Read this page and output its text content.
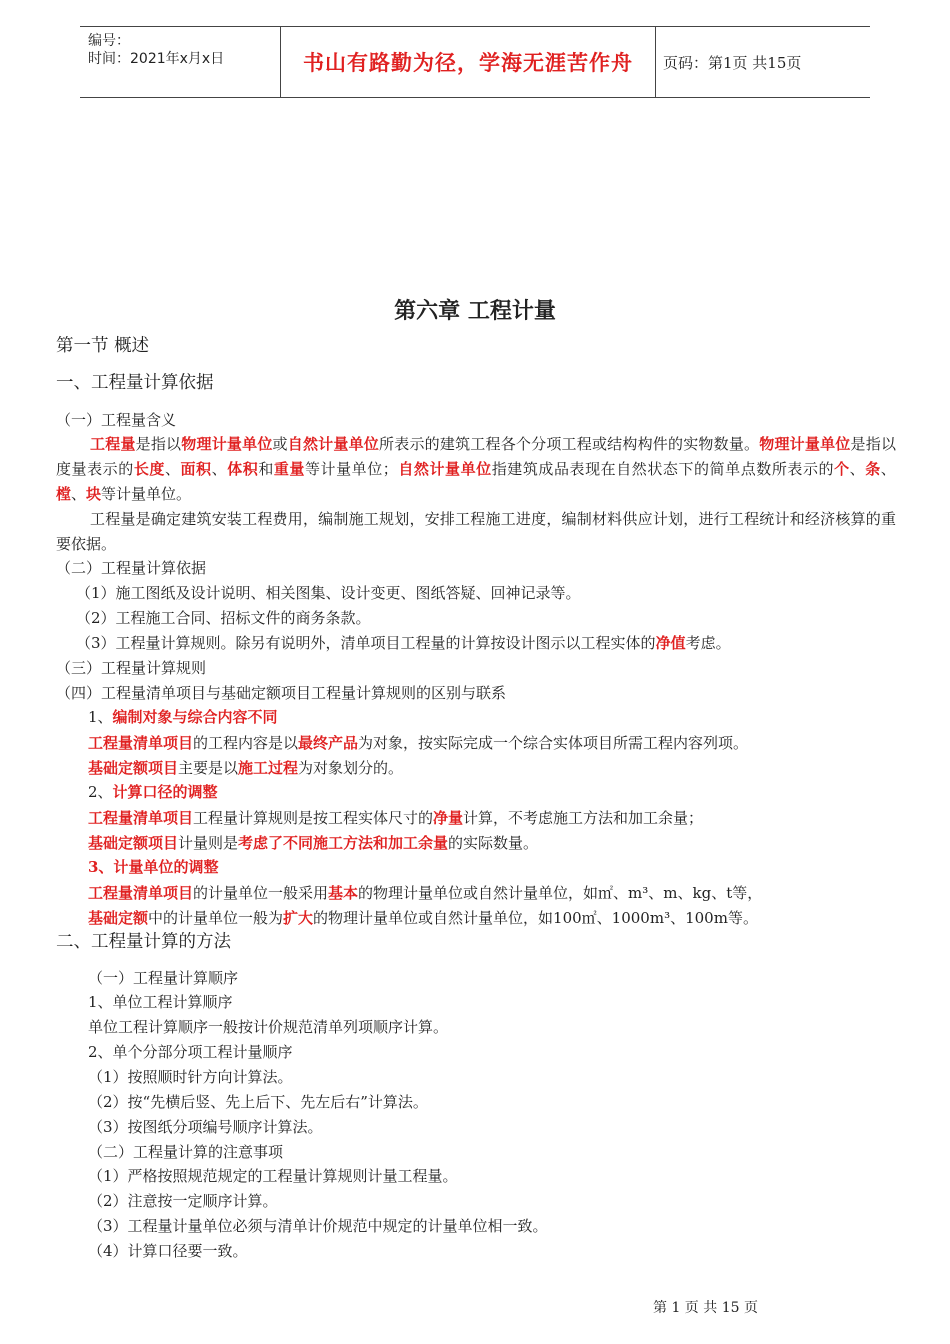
编号：
时间：2021年x月x日	书山有路勤为径，学海无涯苦作舟	页码：第1页 共15页
第六章 工程计量
第一节 概述
一、工程量计算依据
（一）工程量含义
工程量是指以物理计量单位或自然计量单位所表示的建筑工程各个分项工程或结构构件的实物数量。物理计量单位是指以度量表示的长度、面积、体积和重量等计量单位；自然计量单位指建筑成品表现在自然状态下的简单点数所表示的个、条、樘、块等计量单位。
工程量是确定建筑安装工程费用，编制施工规划，安排工程施工进度，编制材料供应计划，进行工程统计和经济核算的重要依据。
（二）工程量计算依据
（1）施工图纸及设计说明、相关图集、设计变更、图纸答疑、回神记录等。
（2）工程施工合同、招标文件的商务条款。
（3）工程量计算规则。除另有说明外，清单项目工程量的计算按设计图示以工程实体的净值考虑。
（三）工程量计算规则
（四）工程量清单项目与基础定额项目工程量计算规则的区别与联系
1、编制对象与综合内容不同
工程量清单项目的工程内容是以最终产品为对象，按实际完成一个综合实体项目所需工程内容列项。
基础定额项目主要是以施工过程为对象划分的。
2、计算口径的调整
工程量清单项目工程量计算规则是按工程实体尺寸的净量计算，不考虑施工方法和加工余量；
基础定额项目计量则是考虑了不同施工方法和加工余量的实际数量。
3、计量单位的调整
工程量清单项目的计量单位一般采用基本的物理计量单位或自然计量单位，如㎡、m³、m、kg、t等，
基础定额中的计量单位一般为扩大的物理计量单位或自然计量单位，如100㎡、1000m³、100m等。
二、工程量计算的方法
（一）工程量计算顺序
1、单位工程计算顺序
单位工程计算顺序一般按计价规范清单列项顺序计算。
2、单个分部分项工程计量顺序
（1）按照顺时针方向计算法。
（2）按“先横后竖、先上后下、先左后右”计算法。
（3）按图纸分项编号顺序计算法。
（二）工程量计算的注意事项
（1）严格按照规范规定的工程量计算规则计量工程量。
（2）注意按一定顺序计算。
（3）工程量计量单位必须与清单计价规范中规定的计量单位相一致。
（4）计算口径要一致。
第 1 页 共 15 页
